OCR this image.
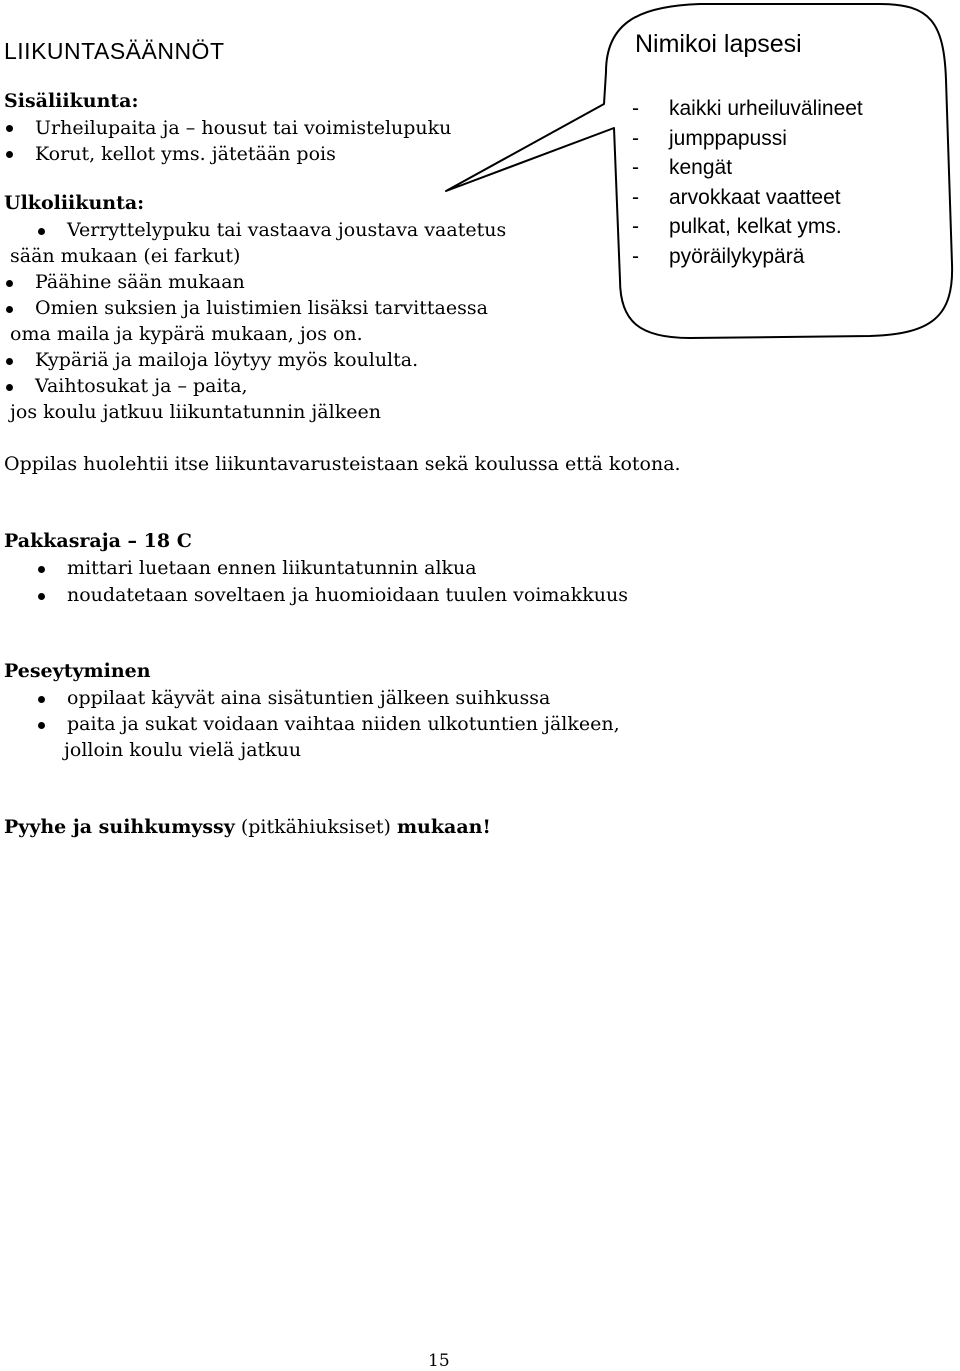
LIIKUNTASÄÄNNÖT
Sisäliikunta:
Urheilupaita ja – housut tai voimistelupuku
Korut, kellot yms. jätetään pois
Ulkoliikunta:
Verryttelypuku tai vastaava joustava vaatetus
sään mukaan (ei farkut)
Päähine sään mukaan
Omien suksien ja luistimien lisäksi tarvittaessa
oma maila ja kypärä mukaan, jos on.
Kypäriä ja mailoja löytyy myös koululta.
Vaihtosukat ja – paita,
jos koulu jatkuu liikuntatunnin jälkeen
Nimikoi lapsesi
- kaikki urheiluvälineet
- jumppapussi
- kengät
- arvokkaat vaatteet
- pulkat, kelkat yms.
- pyöräilykypärä
Oppilas huolehtii itse liikuntavarusteistaan sekä koulussa että kotona.
Pakkasraja – 18 C
mittari luetaan ennen liikuntatunnin alkua
noudatetaan soveltaen ja huomioidaan tuulen voimakkuus
Peseytyminen
oppilaat käyvät aina sisätuntien jälkeen suihkussa
paita ja sukat voidaan vaihtaa niiden ulkotuntien jälkeen,
jolloin koulu vielä jatkuu
Pyyhe ja suihkumyssy (pitkähiuksiset) mukaan!
15
